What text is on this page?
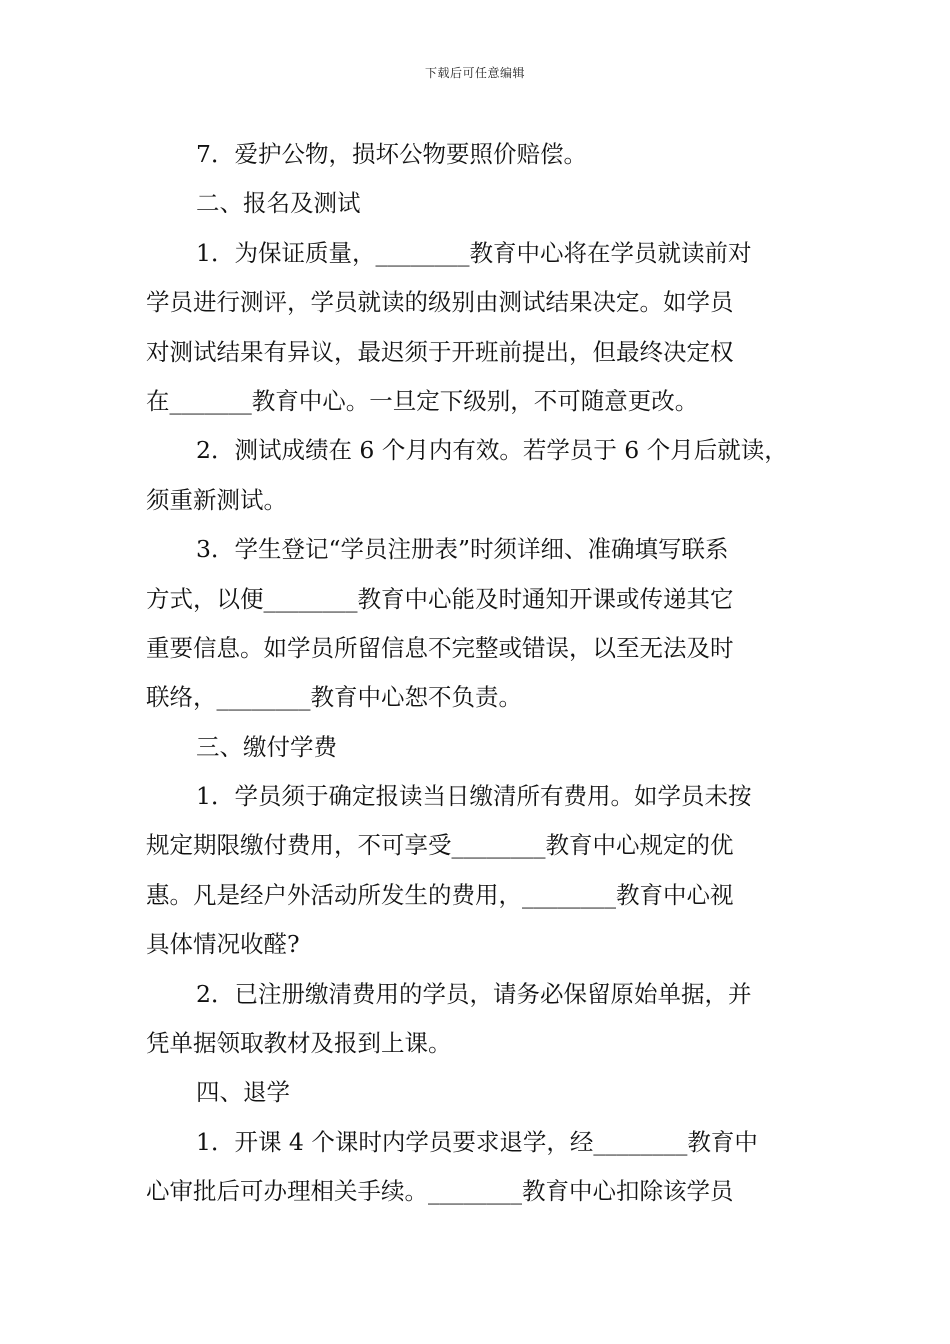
下载后可任意编辑
7．爱护公物，损坏公物要照价赔偿。
二、报名及测试
1．为保证质量，________教育中心将在学员就读前对
学员进行测评，学员就读的级别由测试结果决定。如学员
对测试结果有异议，最迟须于开班前提出，但最终决定权
在_______教育中心。一旦定下级别，不可随意更改。
2．测试成绩在 6 个月内有效。若学员于 6 个月后就读，
须重新测试。
3．学生登记“学员注册表”时须详细、准确填写联系
方式，以便________教育中心能及时通知开课或传递其它
重要信息。如学员所留信息不完整或错误，以至无法及时
联络，________教育中心恕不负责。
三、缴付学费
1．学员须于确定报读当日缴清所有费用。如学员未按
规定期限缴付费用，不可享受________教育中心规定的优
惠。凡是经户外活动所发生的费用，________教育中心视
具体情况收醛?
2．已注册缴清费用的学员，请务必保留原始单据，并
凭单据领取教材及报到上课。
四、退学
1．开课 4 个课时内学员要求退学，经________教育中
心审批后可办理相关手续。________教育中心扣除该学员
